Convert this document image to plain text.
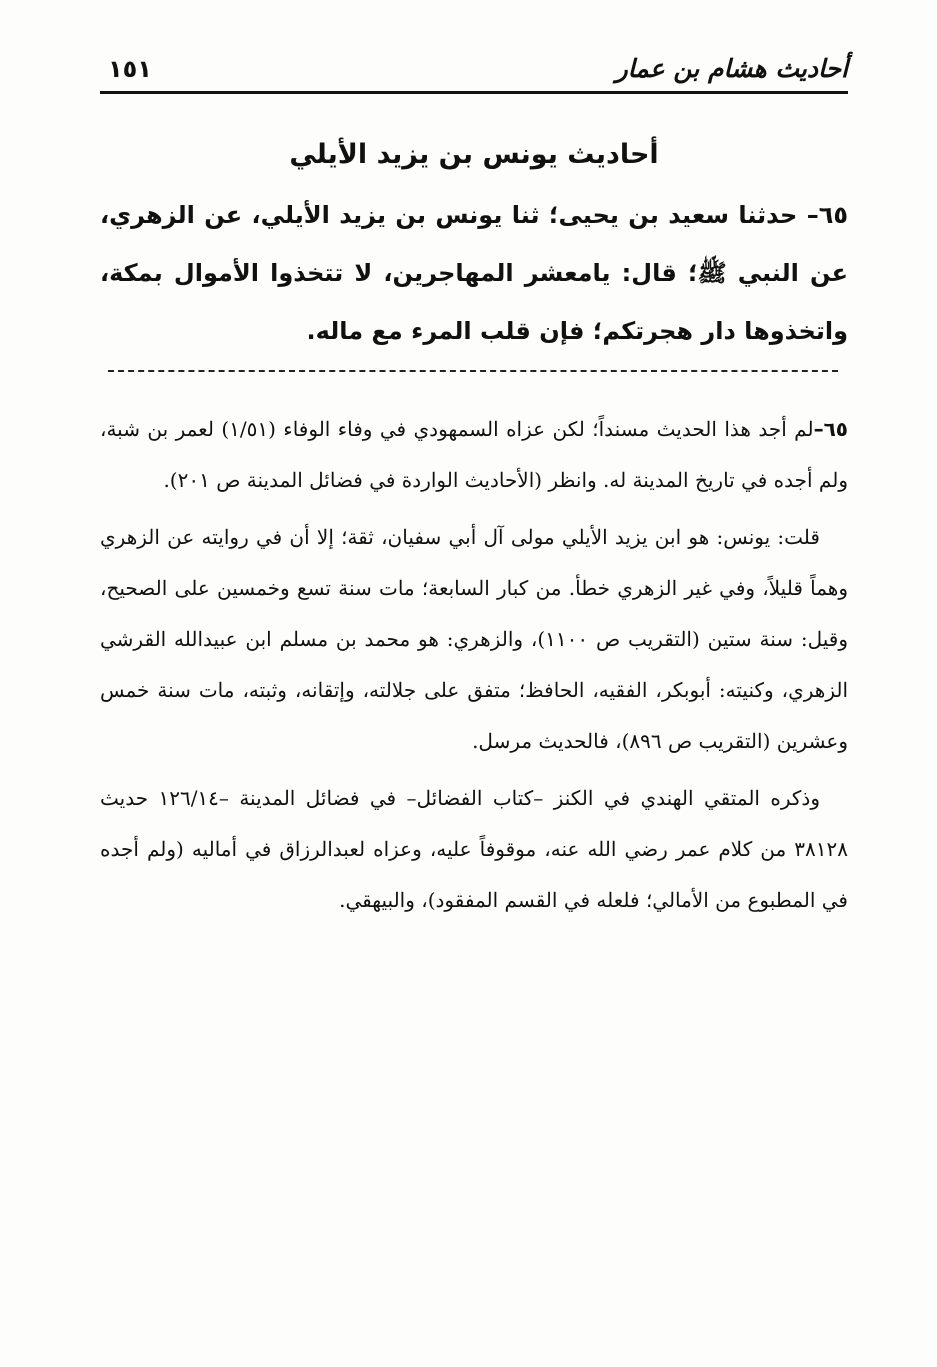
أحاديث هشام بن عمار
١٥١
أحاديث يونس بن يزيد الأيلي
٦٥– حدثنا سعيد بن يحيى؛ ثنا يونس بن يزيد الأيلي، عن الزهري، عن النبي ﷺ؛ قال: يامعشر المهاجرين، لا تتخذوا الأموال بمكة، واتخذوها دار هجرتكم؛ فإن قلب المرء مع ماله.

٦٥–لم أجد هذا الحديث مسنداً؛ لكن عزاه السمهودي في وفاء الوفاء (١/٥١) لعمر بن شبة، ولم أجده في تاريخ المدينة له. وانظر (الأحاديث الواردة في فضائل المدينة ص ٢٠١).

قلت: يونس: هو ابن يزيد الأيلي مولى آل أبي سفيان، ثقة؛ إلا أن في روايته عن الزهري وهماً قليلاً، وفي غير الزهري خطأ. من كبار السابعة؛ مات سنة تسع وخمسين على الصحيح، وقيل: سنة ستين (التقريب ص ١١٠٠)، والزهري: هو محمد بن مسلم ابن عبيدالله القرشي الزهري، وكنيته: أبوبكر، الفقيه، الحافظ؛ متفق على جلالته، وإتقانه، وثبته، مات سنة خمس وعشرين (التقريب ص ٨٩٦)، فالحديث مرسل.

وذكره المتقي الهندي في الكنز –كتاب الفضائل– في فضائل المدينة –١٢٦/١٤ حديث ٣٨١٢٨ من كلام عمر رضي الله عنه، موقوفاً عليه، وعزاه لعبدالرزاق في أماليه (ولم أجده في المطبوع من الأمالي؛ فلعله في القسم المفقود)، والبيهقي.
